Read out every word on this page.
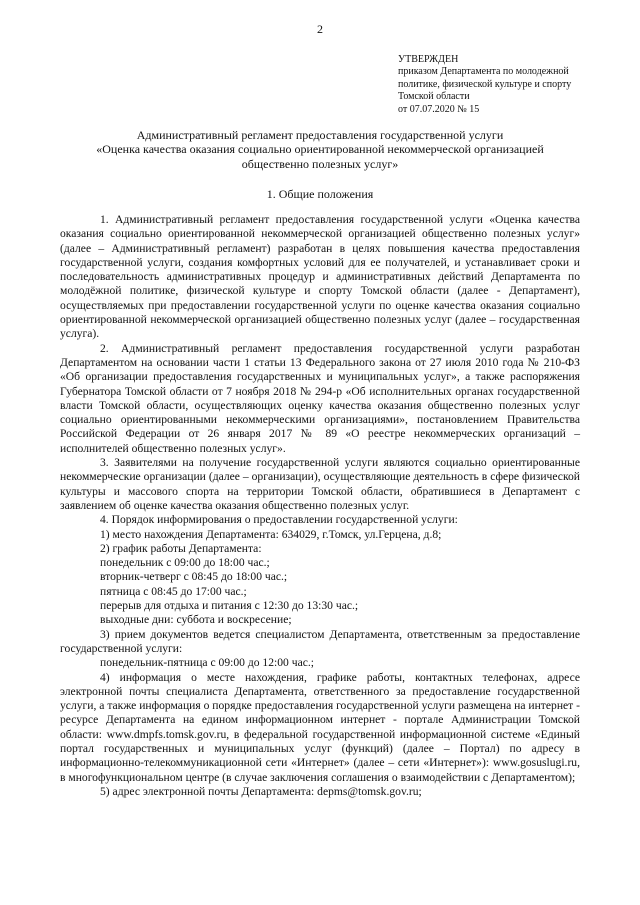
2
УТВЕРЖДЕН
приказом Департамента по молодежной
политике, физической культуре и спорту
Томской области
от 07.07.2020 № 15
Административный регламент предоставления государственной услуги
«Оценка качества оказания социально ориентированной некоммерческой организацией
общественно полезных услуг»
1. Общие положения

1. Административный регламент предоставления государственной услуги «Оценка качества оказания социально ориентированной некоммерческой организацией общественно полезных услуг» (далее – Административный регламент) разработан в целях повышения качества предоставления государственной услуги, создания комфортных условий для ее получателей, и устанавливает сроки и последовательность административных процедур и административных действий Департамента по молодёжной политике, физической культуре и спорту Томской области (далее - Департамент), осуществляемых при предоставлении государственной услуги по оценке качества оказания социально ориентированной некоммерческой организацией общественно полезных услуг (далее – государственная услуга).

2. Административный регламент предоставления государственной услуги разработан Департаментом на основании части 1 статьи 13 Федерального закона от 27 июля 2010 года № 210-ФЗ «Об организации предоставления государственных и муниципальных услуг», а также распоряжения Губернатора Томской области от 7 ноября 2018 № 294-р «Об исполнительных органах государственной власти Томской области, осуществляющих оценку качества оказания общественно полезных услуг социально ориентированными некоммерческими организациями», постановлением Правительства Российской Федерации от 26 января 2017 № 89 «О реестре некоммерческих организаций – исполнителей общественно полезных услуг».

3. Заявителями на получение государственной услуги являются социально ориентированные некоммерческие организации (далее – организации), осуществляющие деятельность в сфере физической культуры и массового спорта на территории Томской области, обратившиеся в Департамент с заявлением об оценке качества оказания общественно полезных услуг.

4. Порядок информирования о предоставлении государственной услуги:

1) место нахождения Департамента: 634029, г.Томск, ул.Герцена, д.8;

2) график работы Департамента:

понедельник с 09:00 до 18:00 час.;

вторник-четверг с 08:45 до 18:00 час.;

пятница с 08:45 до 17:00 час.;

перерыв для отдыха и питания с 12:30 до 13:30 час.;

выходные дни: суббота и воскресение;

3) прием документов ведется специалистом Департамента, ответственным за предоставление государственной услуги:

понедельник-пятница с 09:00 до 12:00 час.;

4) информация о месте нахождения, графике работы, контактных телефонах, адресе электронной почты специалиста Департамента, ответственного за предоставление государственной услуги, а также информация о порядке предоставления государственной услуги размещена на интернет - ресурсе Департамента на едином информационном интернет - портале Администрации Томской области: www.dmpfs.tomsk.gov.ru, в федеральной государственной информационной системе «Единый портал государственных и муниципальных услуг (функций) (далее – Портал) по адресу в информационно-телекоммуникационной сети «Интернет» (далее – сети «Интернет»): www.gosuslugi.ru, в многофункциональном центре (в случае заключения соглашения о взаимодействии с Департаментом);

5) адрес электронной почты Департамента: depms@tomsk.gov.ru;
